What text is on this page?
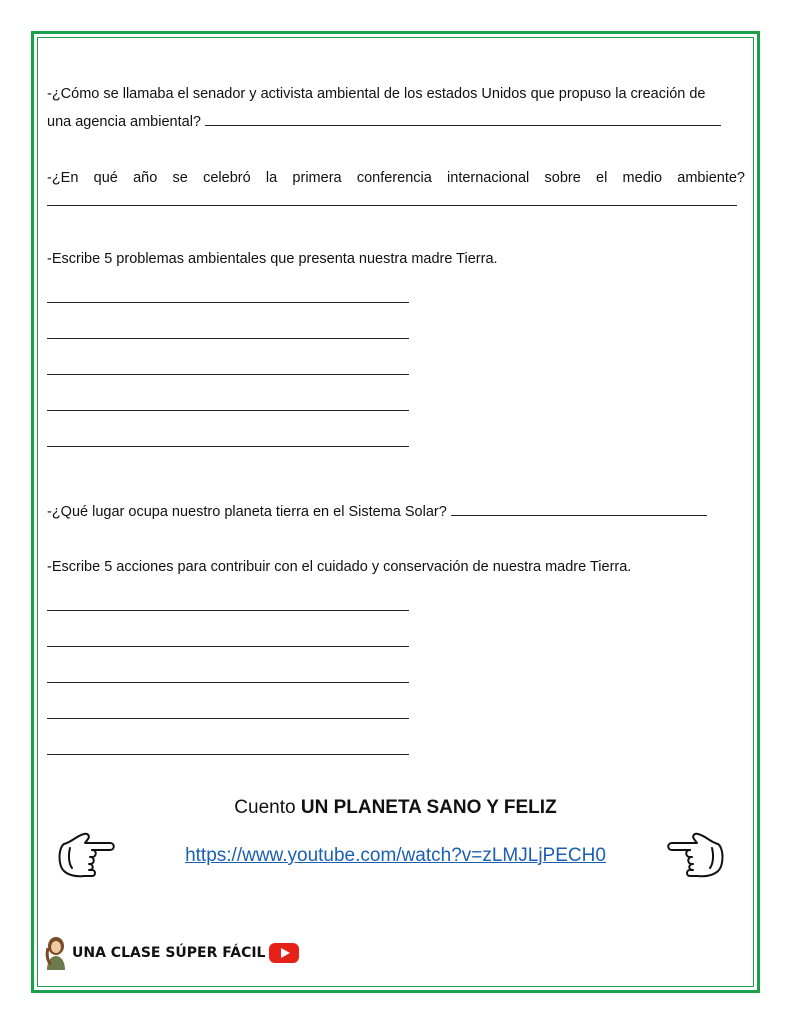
-¿Cómo se llamaba el senador y activista ambiental de los estados Unidos que propuso la creación de
una agencia ambiental?
-¿En qué año se celebró la primera conferencia internacional sobre el medio ambiente?
-Escribe 5 problemas ambientales que presenta nuestra madre Tierra.
-¿Qué lugar ocupa nuestro planeta tierra en el Sistema Solar?
-Escribe 5 acciones para contribuir con el cuidado y conservación de nuestra madre Tierra.
Cuento UN PLANETA SANO Y FELIZ
https://www.youtube.com/watch?v=zLMJLjPECH0
UNA CLASE SÚPER FÁCIL
